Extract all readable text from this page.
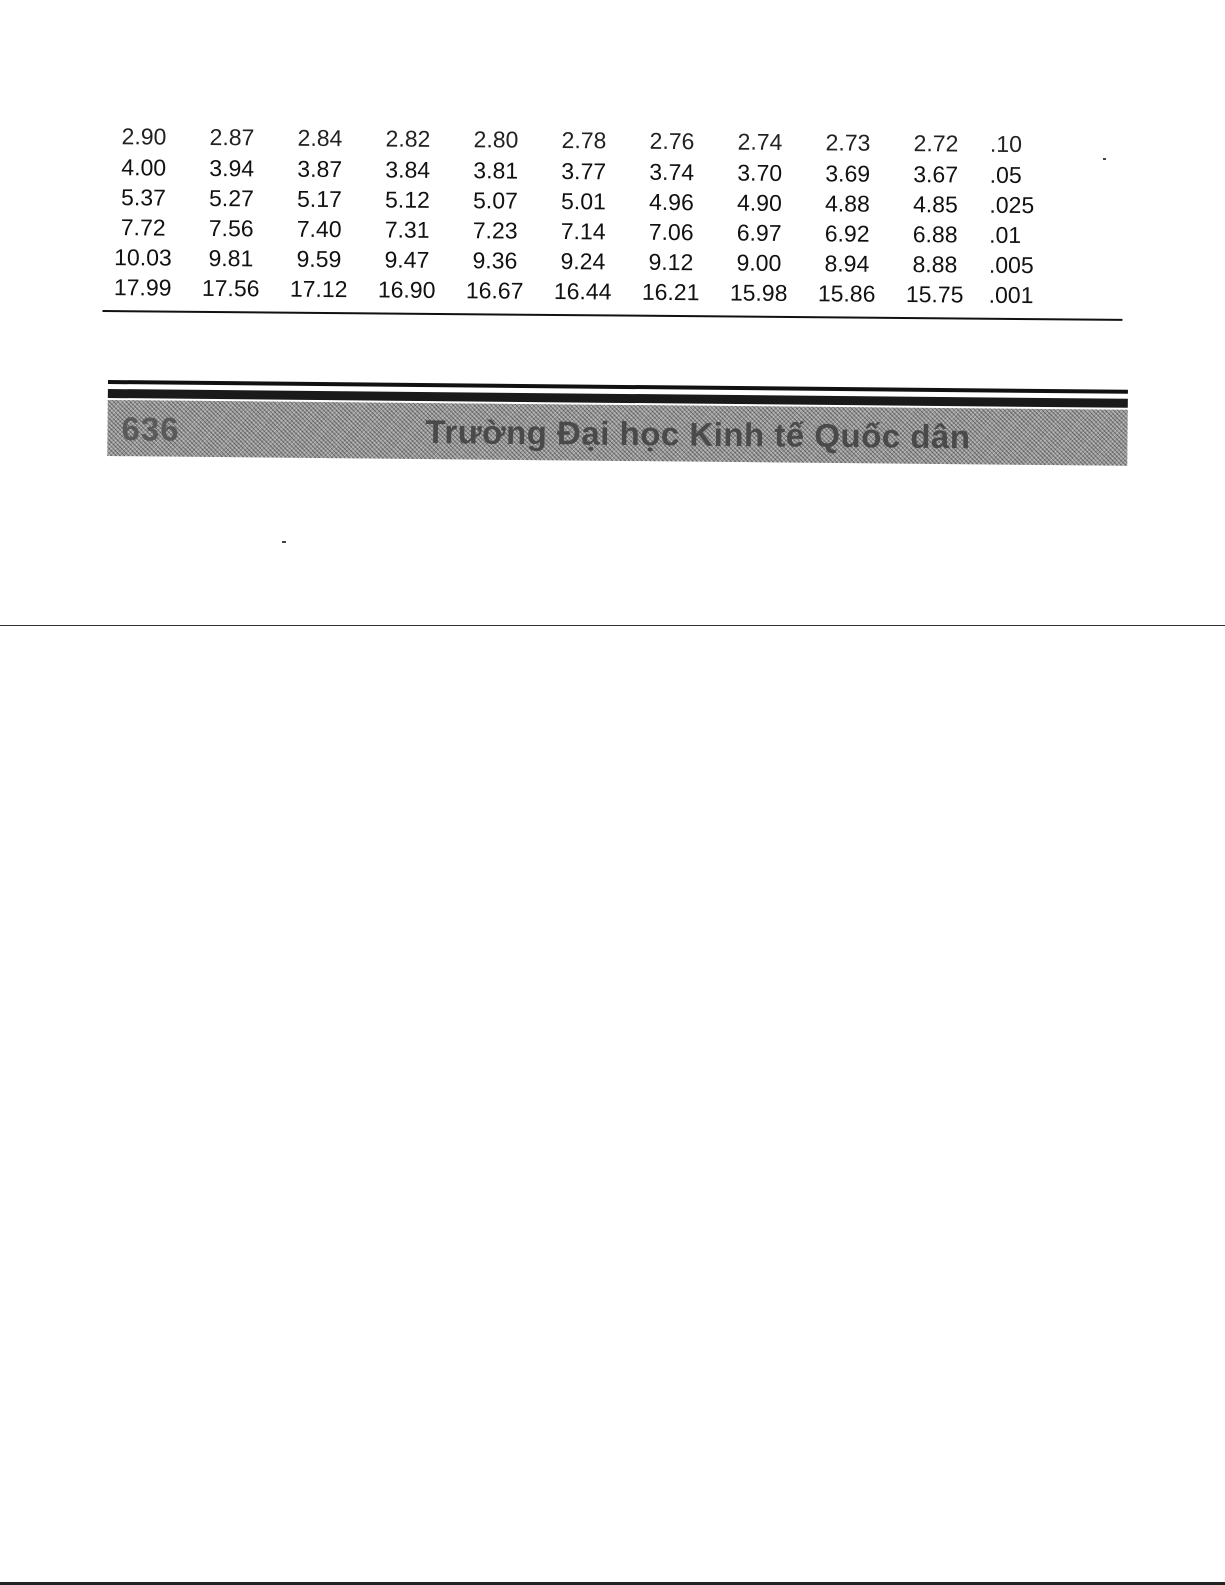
2.90	2.87	2.84	2.82	2.80	2.78	2.76	2.74	2.73	2.72	.10
4.00	3.94	3.87	3.84	3.81	3.77	3.74	3.70	3.69	3.67	.05
5.37	5.27	5.17	5.12	5.07	5.01	4.96	4.90	4.88	4.85	.025
7.72	7.56	7.40	7.31	7.23	7.14	7.06	6.97	6.92	6.88	.01
10.03	9.81	9.59	9.47	9.36	9.24	9.12	9.00	8.94	8.88	.005
17.99	17.56	17.12	16.90	16.67	16.44	16.21	15.98	15.86	15.75	.001
636	Trường Đại học Kinh tế Quốc dân
